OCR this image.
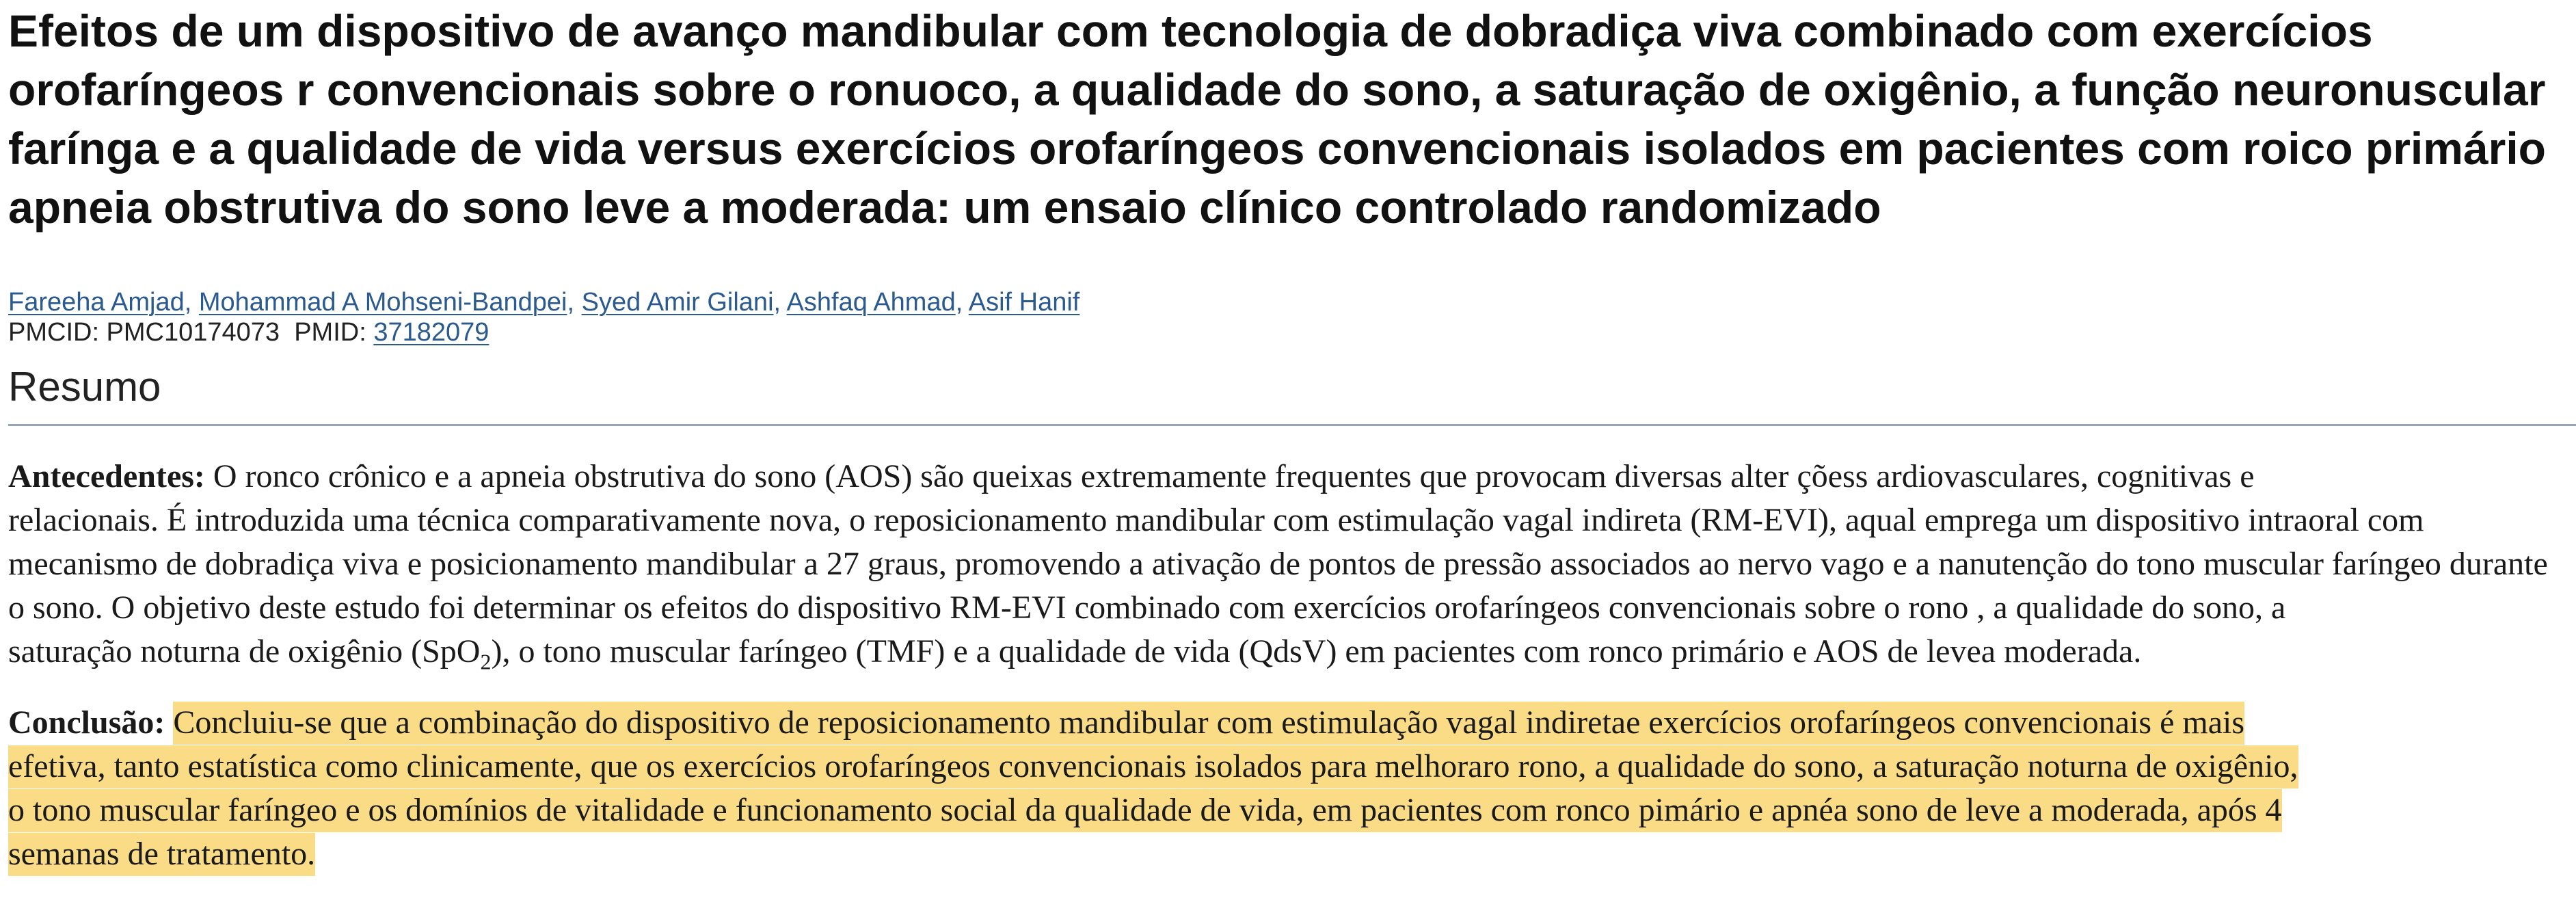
Efeitos de um dispositivo de avanço mandibular com tecnologia de dobradiça viva combinado com exercícios
orofaríngeos r convencionais sobre o ronuoco, a qualidade do sono, a saturação de oxigênio, a função neuronuscular
farínga e a qualidade de vida versus exercícios orofaríngeos convencionais isolados em pacientes com roico primário
apneia obstrutiva do sono leve a moderada: um ensaio clínico controlado randomizado
Fareeha Amjad, Mohammad A Mohseni-Bandpei, Syed Amir Gilani, Ashfaq Ahmad, Asif Hanif
PMCID: PMC10174073 PMID: 37182079
Resumo
Antecedentes: O ronco crônico e a apneia obstrutiva do sono (AOS) são queixas extremamente frequentes que provocam diversas alter çõess ardiovasculares, cognitivas e
relacionais. É introduzida uma técnica comparativamente nova, o reposicionamento mandibular com estimulação vagal indireta (RM-EVI), aqual emprega um dispositivo intraoral com
mecanismo de dobradiça viva e posicionamento mandibular a 27 graus, promovendo a ativação de pontos de pressão associados ao nervo vago e a nanutenção do tono muscular faríngeo durante
o sono. O objetivo deste estudo foi determinar os efeitos do dispositivo RM-EVI combinado com exercícios orofaríngeos convencionais sobre o rono , a qualidade do sono, a
saturação noturna de oxigênio (SpO$_2$), o tono muscular faríngeo (TMF) e a qualidade de vida (QdsV) em pacientes com ronco primário e AOS de levea moderada.
Conclusão: Concluiu-se que a combinação do dispositivo de reposicionamento mandibular com estimulação vagal indiretae exercícios orofaríngeos convencionais é mais
efetiva, tanto estatística como clinicamente, que os exercícios orofaríngeos convencionais isolados para melhoraro rono, a qualidade do sono, a saturação noturna de oxigênio,
o tono muscular faríngeo e os domínios de vitalidade e funcionamento social da qualidade de vida, em pacientes com ronco pimário e apnéa sono de leve a moderada, após 4
semanas de tratamento.
